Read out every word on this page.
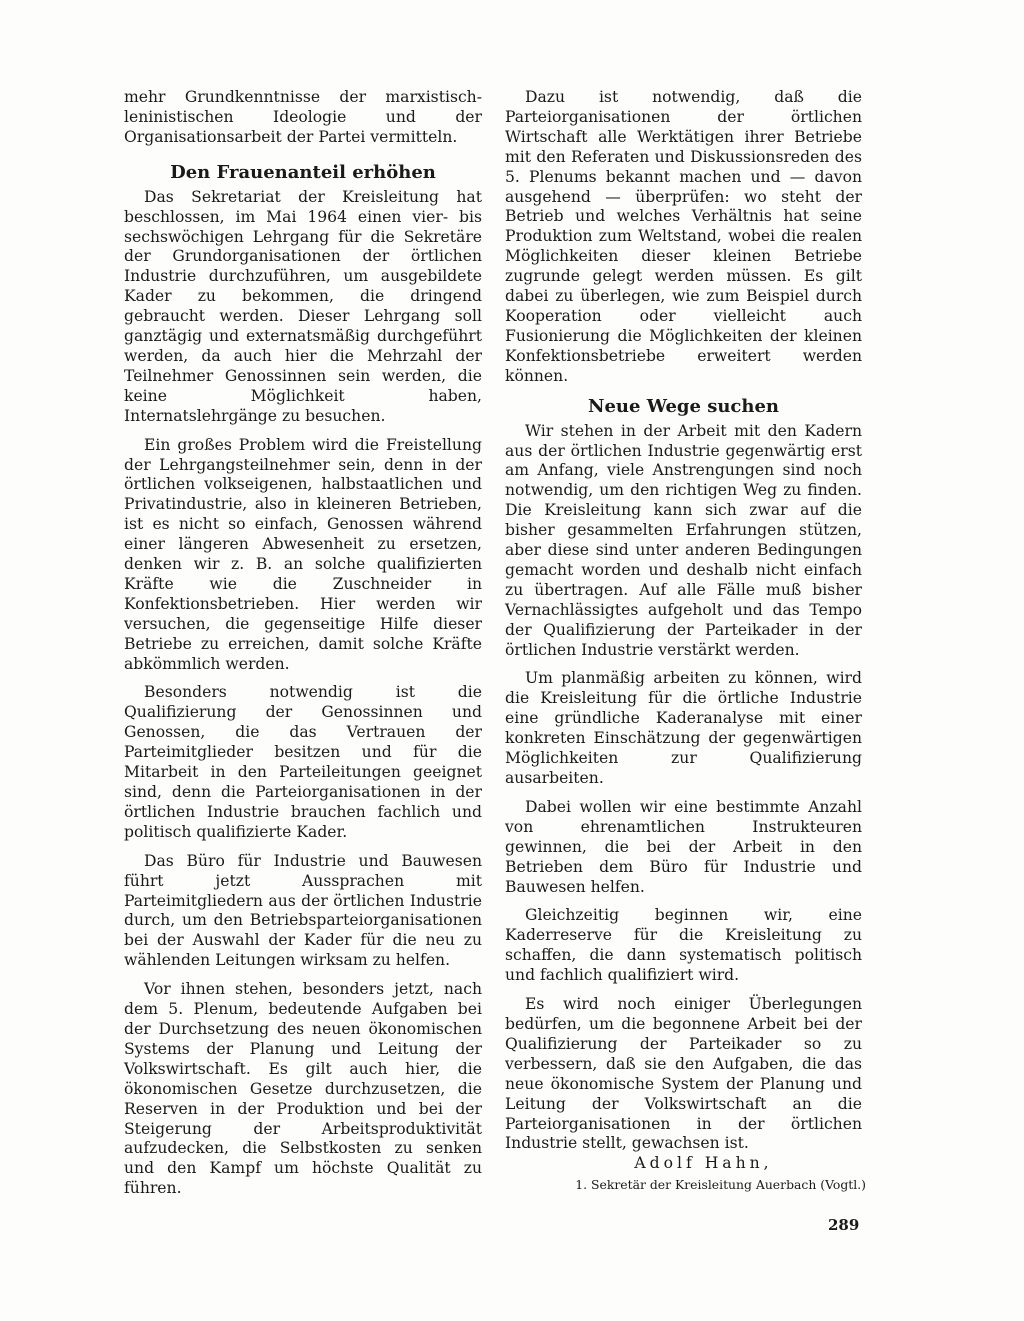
mehr Grundkenntnisse der marxistisch-leninistischen Ideologie und der Organisationsarbeit der Partei vermitteln.

Den Frauenanteil erhöhen

Das Sekretariat der Kreisleitung hat beschlossen, im Mai 1964 einen vier- bis sechswöchigen Lehrgang für die Sekretäre der Grundorganisationen der örtlichen Industrie durchzuführen, um ausgebildete Kader zu bekommen, die dringend gebraucht werden. Dieser Lehrgang soll ganztägig und externatsmäßig durchgeführt werden, da auch hier die Mehrzahl der Teilnehmer Genossinnen sein werden, die keine Möglichkeit haben, Internatslehrgänge zu besuchen.

Ein großes Problem wird die Freistellung der Lehrgangsteilnehmer sein, denn in der örtlichen volkseigenen, halbstaatlichen und Privatindustrie, also in kleineren Betrieben, ist es nicht so einfach, Genossen während einer längeren Abwesenheit zu ersetzen, denken wir z. B. an solche qualifizierten Kräfte wie die Zuschneider in Konfektionsbetrieben. Hier werden wir versuchen, die gegenseitige Hilfe dieser Betriebe zu erreichen, damit solche Kräfte abkömmlich werden.

Besonders notwendig ist die Qualifizierung der Genossinnen und Genossen, die das Vertrauen der Parteimitglieder besitzen und für die Mitarbeit in den Parteileitungen geeignet sind, denn die Parteiorganisationen in der örtlichen Industrie brauchen fachlich und politisch qualifizierte Kader.

Das Büro für Industrie und Bauwesen führt jetzt Aussprachen mit Parteimitgliedern aus der örtlichen Industrie durch, um den Betriebsparteiorganisationen bei der Auswahl der Kader für die neu zu wählenden Leitungen wirksam zu helfen.

Vor ihnen stehen, besonders jetzt, nach dem 5. Plenum, bedeutende Aufgaben bei der Durchsetzung des neuen ökonomischen Systems der Planung und Leitung der Volkswirtschaft. Es gilt auch hier, die ökonomischen Gesetze durchzusetzen, die Reserven in der Produktion und bei der Steigerung der Arbeitsproduktivität aufzudecken, die Selbstkosten zu senken und den Kampf um höchste Qualität zu führen.

Dazu ist notwendig, daß die Parteiorganisationen der örtlichen Wirtschaft alle Werktätigen ihrer Betriebe mit den Referaten und Diskussionsreden des 5. Plenums bekannt machen und — davon ausgehend — überprüfen: wo steht der Betrieb und welches Verhältnis hat seine Produktion zum Weltstand, wobei die realen Möglichkeiten dieser kleinen Betriebe zugrunde gelegt werden müssen. Es gilt dabei zu überlegen, wie zum Beispiel durch Kooperation oder vielleicht auch Fusionierung die Möglichkeiten der kleinen Konfektionsbetriebe erweitert werden können.

Neue Wege suchen

Wir stehen in der Arbeit mit den Kadern aus der örtlichen Industrie gegenwärtig erst am Anfang, viele Anstrengungen sind noch notwendig, um den richtigen Weg zu finden. Die Kreisleitung kann sich zwar auf die bisher gesammelten Erfahrungen stützen, aber diese sind unter anderen Bedingungen gemacht worden und deshalb nicht einfach zu übertragen. Auf alle Fälle muß bisher Vernachlässigtes aufgeholt und das Tempo der Qualifizierung der Parteikader in der örtlichen Industrie verstärkt werden.

Um planmäßig arbeiten zu können, wird die Kreisleitung für die örtliche Industrie eine gründliche Kaderanalyse mit einer konkreten Einschätzung der gegenwärtigen Möglichkeiten zur Qualifizierung ausarbeiten.

Dabei wollen wir eine bestimmte Anzahl von ehrenamtlichen Instrukteuren gewinnen, die bei der Arbeit in den Betrieben dem Büro für Industrie und Bauwesen helfen.

Gleichzeitig beginnen wir, eine Kaderreserve für die Kreisleitung zu schaffen, die dann systematisch politisch und fachlich qualifiziert wird.

Es wird noch einiger Überlegungen bedürfen, um die begonnene Arbeit bei der Qualifizierung der Parteikader so zu verbessern, daß sie den Aufgaben, die das neue ökonomische System der Planung und Leitung der Volkswirtschaft an die Parteiorganisationen in der örtlichen Industrie stellt, gewachsen ist.

Adolf Hahn,

1. Sekretär der Kreisleitung Auerbach (Vogtl.)

289
